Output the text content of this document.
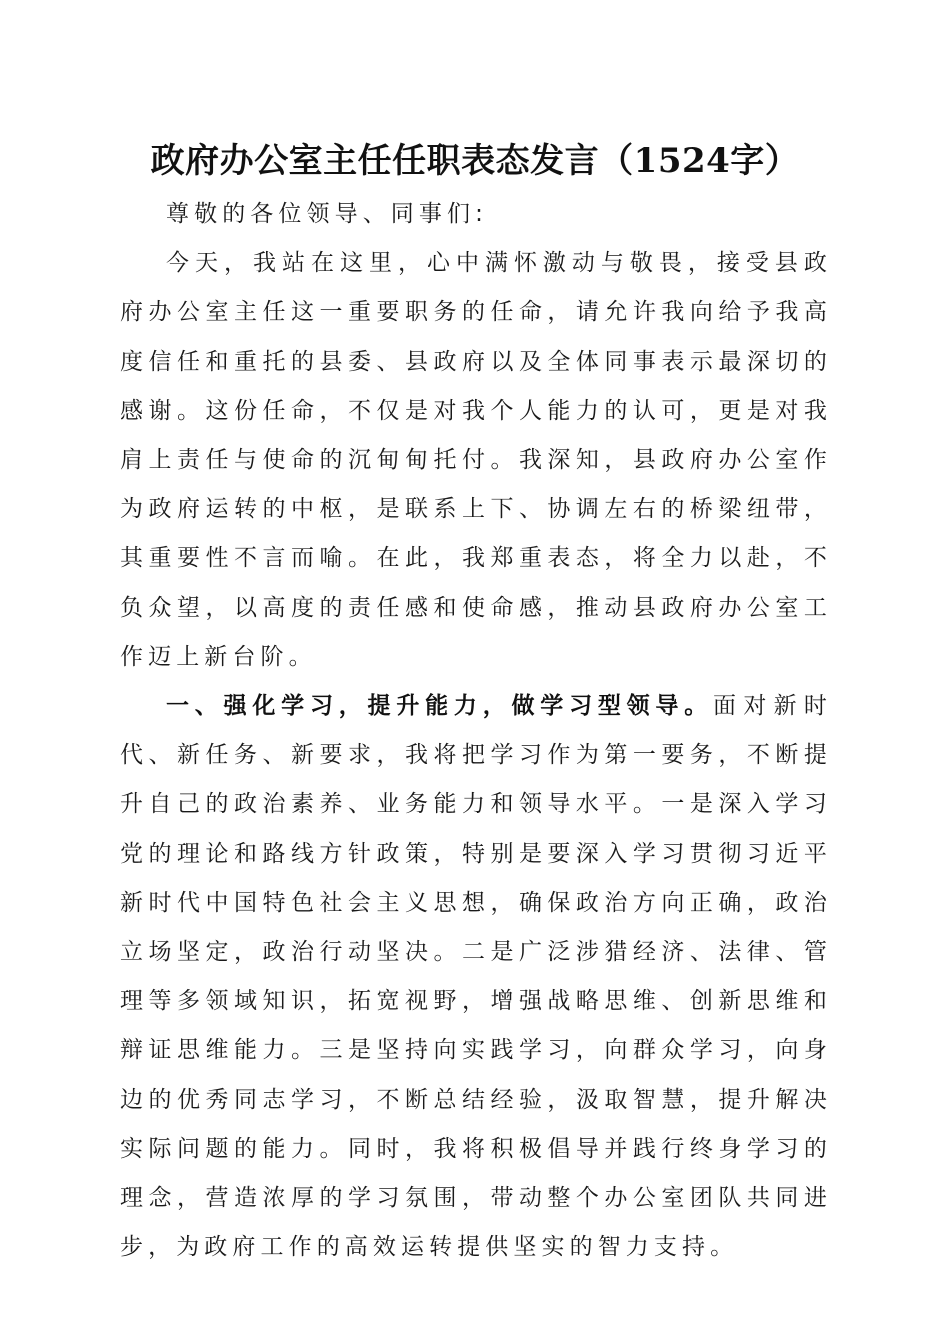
政府办公室主任任职表态发言（1524字）

尊敬的各位领导、同事们:

今天，我站在这里，心中满怀激动与敬畏，接受县政府办公室主任这一重要职务的任命，请允许我向给予我高度信任和重托的县委、县政府以及全体同事表示最深切的感谢。这份任命，不仅是对我个人能力的认可，更是对我肩上责任与使命的沉甸甸托付。我深知，县政府办公室作为政府运转的中枢，是联系上下、协调左右的桥梁纽带，其重要性不言而喻。在此，我郑重表态，将全力以赴，不负众望，以高度的责任感和使命感，推动县政府办公室工作迈上新台阶。

一、强化学习，提升能力，做学习型领导。面对新时代、新任务、新要求，我将把学习作为第一要务，不断提升自己的政治素养、业务能力和领导水平。一是深入学习党的理论和路线方针政策，特别是要深入学习贯彻习近平新时代中国特色社会主义思想，确保政治方向正确，政治立场坚定，政治行动坚决。二是广泛涉猎经济、法律、管理等多领域知识，拓宽视野，增强战略思维、创新思维和辩证思维能力。三是坚持向实践学习，向群众学习，向身边的优秀同志学习，不断总结经验，汲取智慧，提升解决实际问题的能力。同时，我将积极倡导并践行终身学习的理念，营造浓厚的学习氛围，带动整个办公室团队共同进步，为政府工作的高效运转提供坚实的智力支持。
